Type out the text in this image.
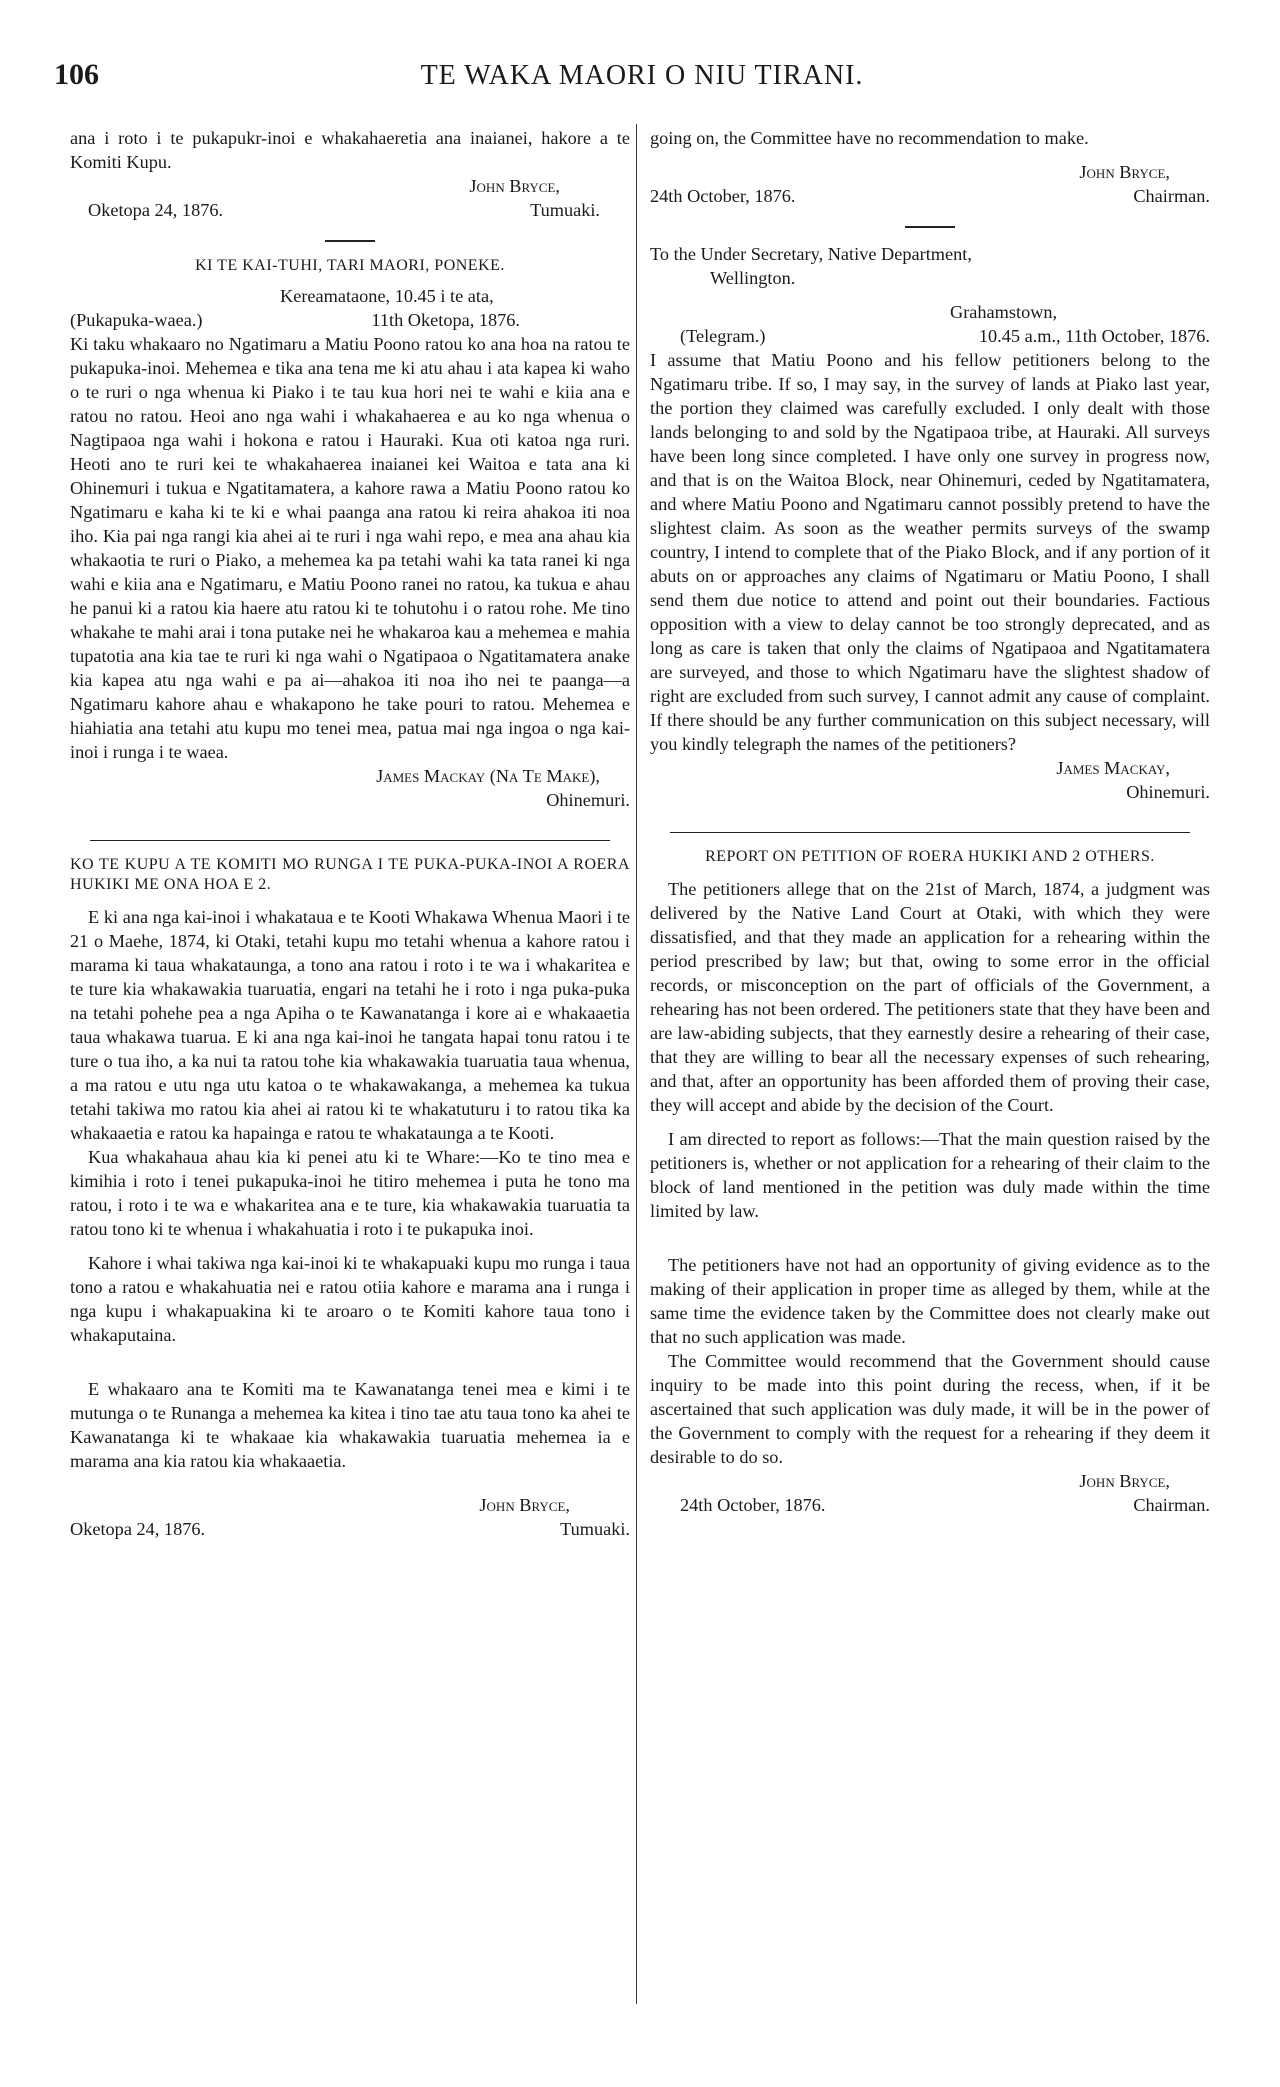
106	TE WAKA MAORI O NIU TIRANI.

ana i roto i te pukapukr-inoi e whakahaeretia ana inaianei, hakore a te Komiti Kupu.

John Bryce,
Oketopa 24, 1876.	Tumuaki.
KI TE KAI-TUHI, TARI MAORI, PONEKE.
Kereamataone, 10.45 i te ata,
(Pukapuka-waea.)	11th Oketopa, 1876.

Ki taku whakaaro no Ngatimaru a Matiu Poono ratou ko ana hoa na ratou te pukapuka-inoi. Mehemea e tika ana tena me ki atu ahau i ata kapea ki waho o te ruri o nga whenua ki Piako i te tau kua hori nei te wahi e kiia ana e ratou no ratou. Heoi ano nga wahi i whakahaerea e au ko nga whenua o Nagtipaoa nga wahi i hokona e ratou i Hauraki. Kua oti katoa nga ruri. Heoti ano te ruri kei te whakahaerea inaianei kei Waitoa e tata ana ki Ohinemuri i tukua e Ngatitamatera, a kahore rawa a Matiu Poono ratou ko Ngatimaru e kaha ki te ki e whai paanga ana ratou ki reira ahakoa iti noa iho. Kia pai nga rangi kia ahei ai te ruri i nga wahi repo, e mea ana ahau kia whakaotia te ruri o Piako, a mehemea ka pa tetahi wahi ka tata ranei ki nga wahi e kiia ana e Ngatimaru, e Matiu Poono ranei no ratou, ka tukua e ahau he panui ki a ratou kia haere atu ratou ki te tohutohu i o ratou rohe. Me tino whakahe te mahi arai i tona putake nei he whakaroa kau a mehemea e mahia tupatotia ana kia tae te ruri ki nga wahi o Ngatipaoa o Ngatitamatera anake kia kapea atu nga wahi e pa ai—ahakoa iti noa iho nei te paanga—a Ngatimaru kahore ahau e whakapono he take pouri to ratou. Mehemea e hiahiatia ana tetahi atu kupu mo tenei mea, patua mai nga ingoa o nga kai-inoi i runga i te waea.

James Mackay (Na Te Make),
Ohinemuri.
KO TE KUPU A TE KOMITI MO RUNGA I TE PUKA-PUKA-INOI A ROERA HUKIKI ME ONA HOA E 2.

E ki ana nga kai-inoi i whakataua e te Kooti Whakawa Whenua Maori i te 21 o Maehe, 1874, ki Otaki, tetahi kupu mo tetahi whenua a kahore ratou i marama ki taua whakataunga, a tono ana ratou i roto i te wa i whakaritea e te ture kia whakawakia tuaruatia, engari na tetahi he i roto i nga puka-puka na tetahi pohehe pea a nga Apiha o te Kawanatanga i kore ai e whakaaetia taua whakawa tuarua. E ki ana nga kai-inoi he tangata hapai tonu ratou i te ture o tua iho, a ka nui ta ratou tohe kia whakawakia tuaruatia taua whenua, a ma ratou e utu nga utu katoa o te whakawakanga, a mehemea ka tukua tetahi takiwa mo ratou kia ahei ai ratou ki te whakatuturu i to ratou tika ka whakaaetia e ratou ka hapainga e ratou te whakataunga a te Kooti.

Kua whakahaua ahau kia ki penei atu ki te Whare:—Ko te tino mea e kimihia i roto i tenei pukapuka-inoi he titiro mehemea i puta he tono ma ratou, i roto i te wa e whakaritea ana e te ture, kia whakawakia tuaruatia ta ratou tono ki te whenua i whakahuatia i roto i te pukapuka inoi.

Kahore i whai takiwa nga kai-inoi ki te whakapuaki kupu mo runga i taua tono a ratou e whakahuatia nei e ratou otiia kahore e marama ana i runga i nga kupu i whakapuakina ki te aroaro o te Komiti kahore taua tono i whakaputaina.

E whakaaro ana te Komiti ma te Kawanatanga tenei mea e kimi i te mutunga o te Runanga a mehemea ka kitea i tino tae atu taua tono ka ahei te Kawanatanga ki te whakaae kia whakawakia tuaruatia mehemea ia e marama ana kia ratou kia whakaaetia.

John Bryce,
Oketopa 24, 1876.	Tumuaki.

going on, the Committee have no recommendation to make.

John Bryce,
24th October, 1876.	Chairman.
To the Under Secretary, Native Department,
Wellington.
Grahamstown,
(Telegram.)	10.45 a.m., 11th October, 1876.

I assume that Matiu Poono and his fellow petitioners belong to the Ngatimaru tribe. If so, I may say, in the survey of lands at Piako last year, the portion they claimed was carefully excluded. I only dealt with those lands belonging to and sold by the Ngatipaoa tribe, at Hauraki. All surveys have been long since completed. I have only one survey in progress now, and that is on the Waitoa Block, near Ohinemuri, ceded by Ngatitamatera, and where Matiu Poono and Ngatimaru cannot possibly pretend to have the slightest claim. As soon as the weather permits surveys of the swamp country, I intend to complete that of the Piako Block, and if any portion of it abuts on or approaches any claims of Ngatimaru or Matiu Poono, I shall send them due notice to attend and point out their boundaries. Factious opposition with a view to delay cannot be too strongly deprecated, and as long as care is taken that only the claims of Ngatipaoa and Ngatitamatera are surveyed, and those to which Ngatimaru have the slightest shadow of right are excluded from such survey, I cannot admit any cause of complaint. If there should be any further communication on this subject necessary, will you kindly telegraph the names of the petitioners?

James Mackay,
Ohinemuri.
REPORT ON PETITION OF ROERA HUKIKI AND 2 OTHERS.

The petitioners allege that on the 21st of March, 1874, a judgment was delivered by the Native Land Court at Otaki, with which they were dissatisfied, and that they made an application for a rehearing within the period prescribed by law; but that, owing to some error in the official records, or misconception on the part of officials of the Government, a rehearing has not been ordered. The petitioners state that they have been and are law-abiding subjects, that they earnestly desire a rehearing of their case, that they are willing to bear all the necessary expenses of such rehearing, and that, after an opportunity has been afforded them of proving their case, they will accept and abide by the decision of the Court.

I am directed to report as follows:—That the main question raised by the petitioners is, whether or not application for a rehearing of their claim to the block of land mentioned in the petition was duly made within the time limited by law.

The petitioners have not had an opportunity of giving evidence as to the making of their application in proper time as alleged by them, while at the same time the evidence taken by the Committee does not clearly make out that no such application was made.

The Committee would recommend that the Government should cause inquiry to be made into this point during the recess, when, if it be ascertained that such application was duly made, it will be in the power of the Government to comply with the request for a rehearing if they deem it desirable to do so.

John Bryce,
24th October, 1876.	Chairman.
